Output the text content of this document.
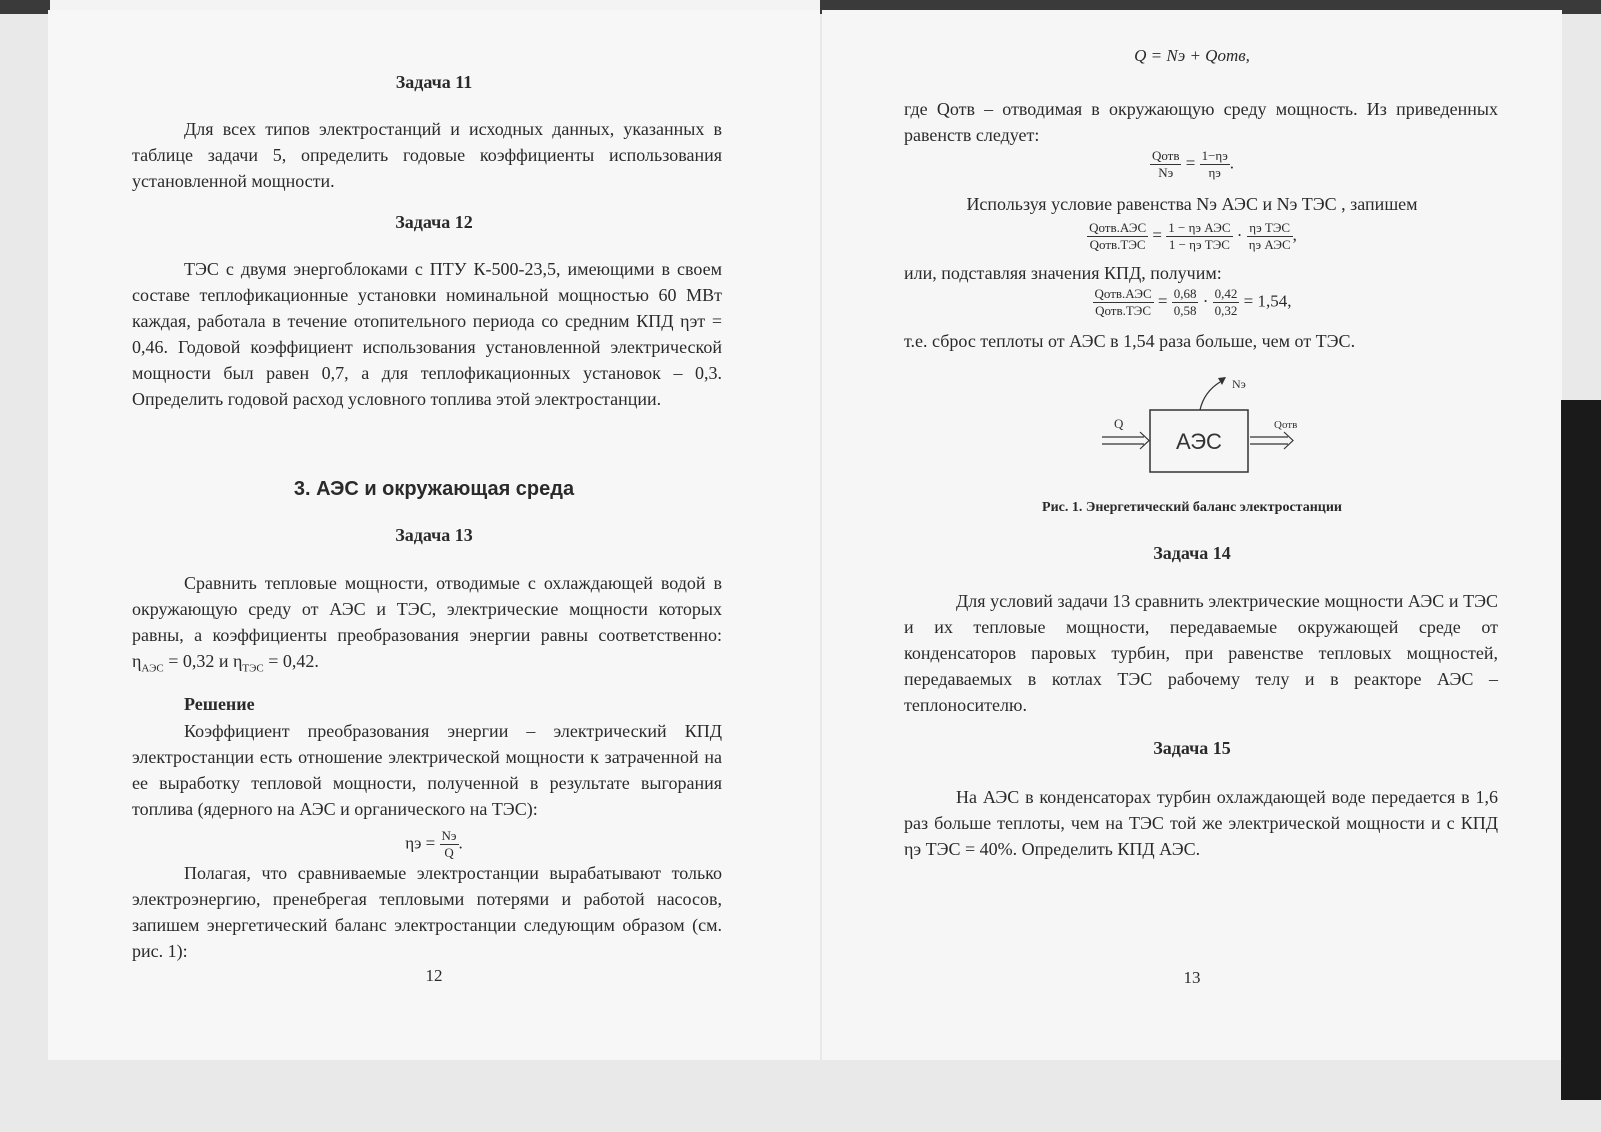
Задача 11
Для всех типов электростанций и исходных данных, указанных в таблице задачи 5, определить годовые коэффициенты использования установленной мощности.
Задача 12
ТЭС с двумя энергоблоками с ПТУ К-500-23,5, имеющими в своем составе теплофикационные установки номинальной мощностью 60 МВт каждая, работала в течение отопительного периода со средним КПД ηэт = 0,46. Годовой коэффициент использования установленной электрической мощности был равен 0,7, а для теплофикационных установок – 0,3. Определить годовой расход условного топлива этой электростанции.
3. АЭС и окружающая среда
Задача 13
Сравнить тепловые мощности, отводимые с охлаждающей водой в окружающую среду от АЭС и ТЭС, электрические мощности которых равны, а коэффициенты преобразования энергии равны соответственно: $\eta_{АЭС} = 0,32$ и $\eta_{ТЭС} = 0,42$.
Решение
Коэффициент преобразования энергии – электрический КПД электростанции есть отношение электрической мощности к затраченной на ее выработку тепловой мощности, полученной в результате выгорания топлива (ядерного на АЭС и органического на ТЭС):
$\eta э = \frac{Nэ}{Q}$ .
Полагая, что сравниваемые электростанции вырабатывают только электроэнергию, пренебрегая тепловыми потерями и работой насосов, запишем энергетический баланс электростанции следующим образом (см. рис. 1):
12
Q = Nэ + Qотв,
где Qотв – отводимая в окружающую среду мощность. Из приведенных равенств следует:
$\frac{\text{Qотв}}{Nэ} = \frac{1-\eta э}{\eta э}$ .
Используя условие равенства Nэ АЭС и Nэ ТЭС , запишем
$\frac{\text{Qотв.АЭС}}{\text{Qотв.ТЭС}} = \frac{\text{1 − ηэ АЭС}}{\text{1 − ηэ ТЭС}} \cdot \frac{\text{ηэ ТЭС}}{\text{ηэ АЭС}}$ ,
или, подставляя значения КПД, получим:
$\frac{\text{Qотв.АЭС}}{\text{Qотв.ТЭС}} = \frac{0,68}{0,58} \cdot \frac{0,42}{0,32} = 1,54$,
т.е. сброс теплоты от АЭС в 1,54 раза больше, чем от ТЭС.
АЭС
Q	Qотв
Nэ
Рис. 1. Энергетический баланс электростанции
Задача 14
Для условий задачи 13 сравнить электрические мощности АЭС и ТЭС и их тепловые мощности, передаваемые окружающей среде от конденсаторов паровых турбин, при равенстве тепловых мощностей, передаваемых в котлах ТЭС рабочему телу и в реакторе АЭС – теплоносителю.
Задача 15
На АЭС в конденсаторах турбин охлаждающей воде передается в 1,6 раз больше теплоты, чем на ТЭС той же электрической мощности и с КПД ηэ ТЭС = 40%. Определить КПД АЭС.
13
